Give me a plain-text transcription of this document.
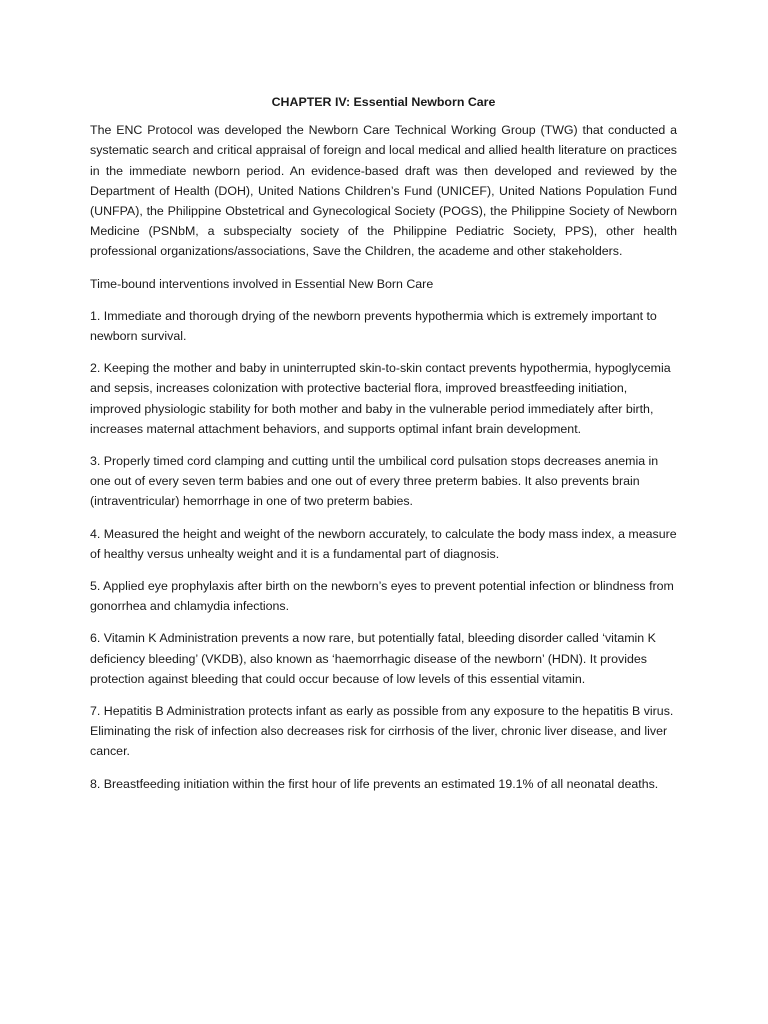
CHAPTER IV: Essential Newborn Care

The ENC Protocol was developed the Newborn Care Technical Working Group (TWG) that conducted a systematic search and critical appraisal of foreign and local medical and allied health literature on practices in the immediate newborn period. An evidence-based draft was then developed and reviewed by the Department of Health (DOH), United Nations Children’s Fund (UNICEF), United Nations Population Fund (UNFPA), the Philippine Obstetrical and Gynecological Society (POGS), the Philippine Society of Newborn Medicine (PSNbM, a subspecialty society of the Philippine Pediatric Society, PPS), other health professional organizations/associations, Save the Children, the academe and other stakeholders.

Time-bound interventions involved in Essential New Born Care

1. Immediate and thorough drying of the newborn prevents hypothermia which is extremely important to newborn survival.

2. Keeping the mother and baby in uninterrupted skin-to-skin contact prevents hypothermia, hypoglycemia and sepsis, increases colonization with protective bacterial flora, improved breastfeeding initiation, improved physiologic stability for both mother and baby in the vulnerable period immediately after birth, increases maternal attachment behaviors, and supports optimal infant brain development.

3. Properly timed cord clamping and cutting until the umbilical cord pulsation stops decreases anemia in one out of every seven term babies and one out of every three preterm babies. It also prevents brain (intraventricular) hemorrhage in one of two preterm babies.

4. Measured the height and weight of the newborn accurately, to calculate the body mass index, a measure of healthy versus unhealty weight and it is a fundamental part of diagnosis.

5. Applied eye prophylaxis after birth on the newborn’s eyes to prevent potential infection or blindness from gonorrhea and chlamydia infections.

6. Vitamin K Administration prevents a now rare, but potentially fatal, bleeding disorder called ‘vitamin K deficiency bleeding’ (VKDB), also known as ‘haemorrhagic disease of the newborn’ (HDN). It provides protection against bleeding that could occur because of low levels of this essential vitamin.

7. Hepatitis B Administration protects infant as early as possible from any exposure to the hepatitis B virus. Eliminating the risk of infection also decreases risk for cirrhosis of the liver, chronic liver disease, and liver cancer.

8. Breastfeeding initiation within the first hour of life prevents an estimated 19.1% of all neonatal deaths.
